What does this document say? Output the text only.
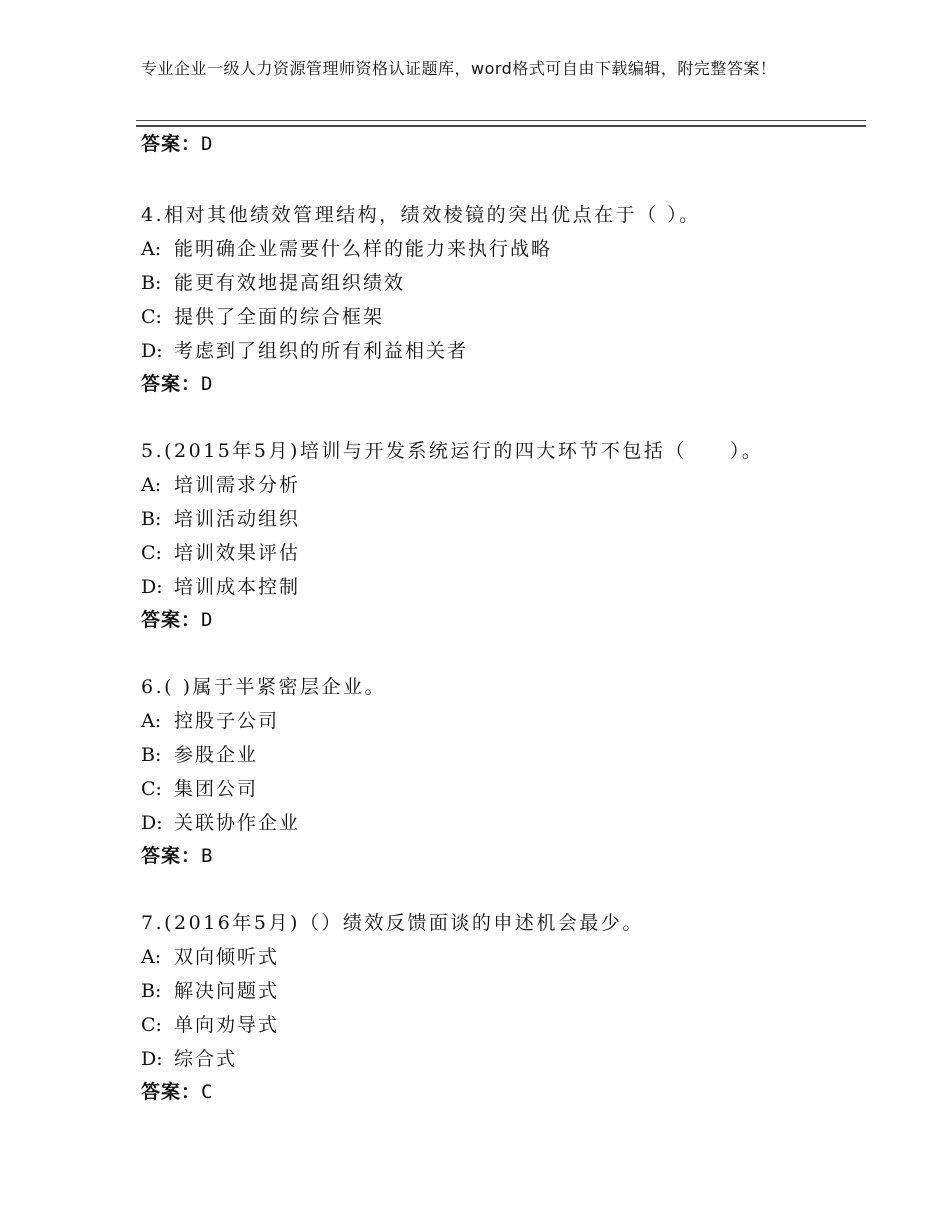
专业企业一级人力资源管理师资格认证题库，word格式可自由下载编辑，附完整答案！
答案：D
4.相对其他绩效管理结构，绩效棱镜的突出优点在于（ ）。
A: 能明确企业需要什么样的能力来执行战略
B: 能更有效地提高组织绩效
C: 提供了全面的综合框架
D: 考虑到了组织的所有利益相关者
答案：D
5.(2015年5月)培训与开发系统运行的四大环节不包括（　　）。
A: 培训需求分析
B: 培训活动组织
C: 培训效果评估
D: 培训成本控制
答案：D
6.( )属于半紧密层企业。
A: 控股子公司
B: 参股企业
C: 集团公司
D: 关联协作企业
答案：B
7.(2016年5月)（）绩效反馈面谈的申述机会最少。
A: 双向倾听式
B: 解决问题式
C: 单向劝导式
D: 综合式
答案：C
